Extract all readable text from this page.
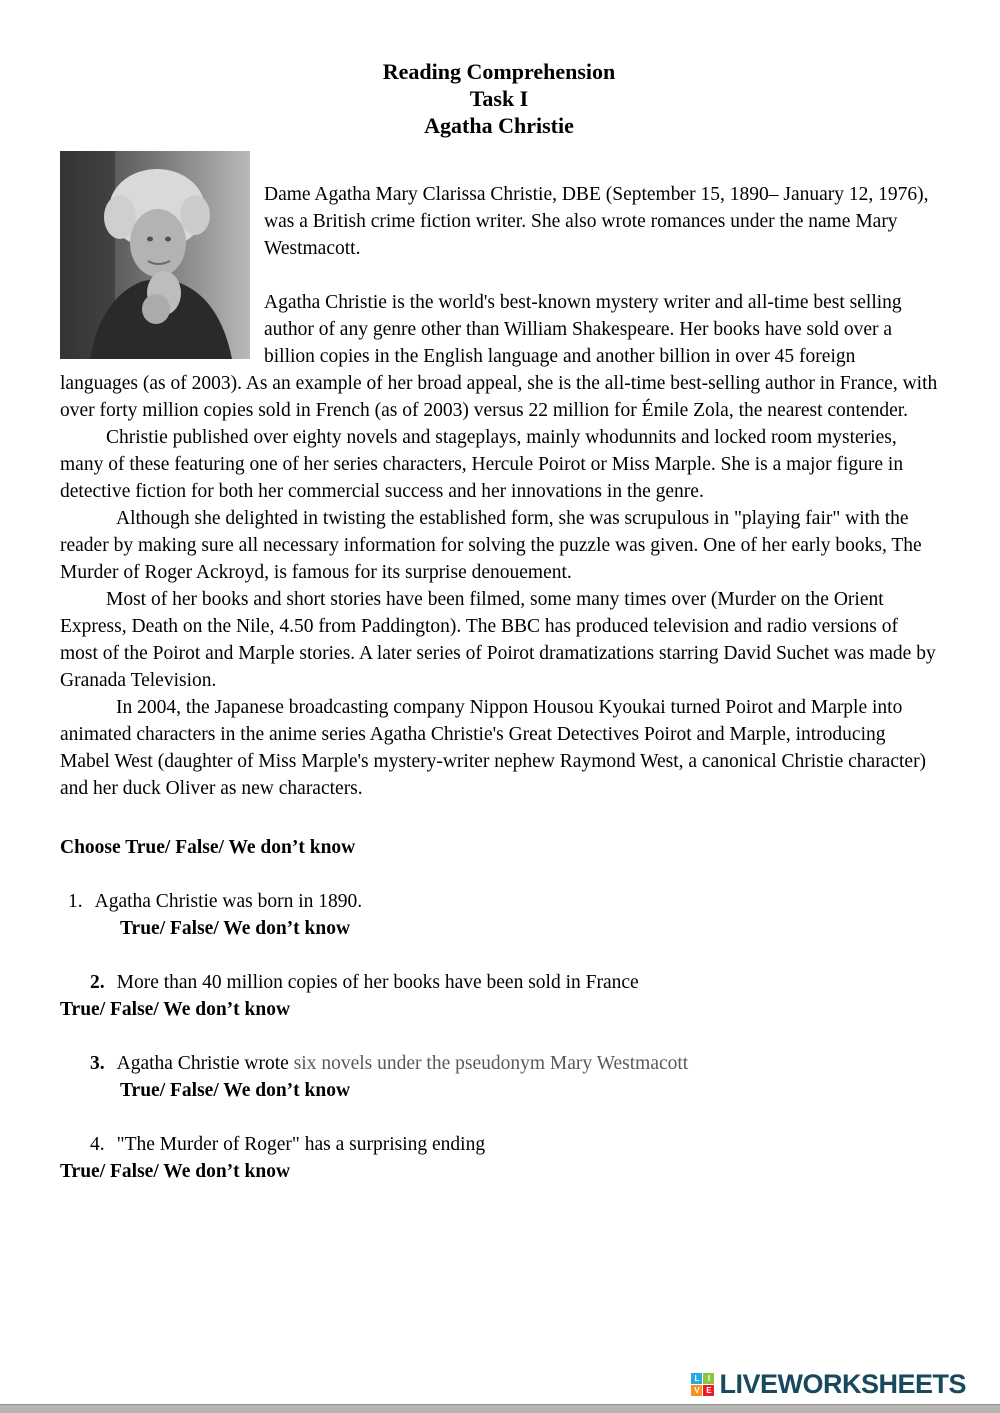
Reading Comprehension
Task I
Agatha Christie

Dame Agatha Mary Clarissa Christie, DBE (September 15, 1890– January 12, 1976), was a British crime fiction writer. She also wrote romances under the name Mary Westmacott.

Agatha Christie is the world's best-known mystery writer and all-time best selling author of any genre other than William Shakespeare. Her books have sold over a billion copies in the English language and another billion in over 45 foreign languages (as of 2003). As an example of her broad appeal, she is the all-time best-selling author in France, with over forty million copies sold in French (as of 2003) versus 22 million for Émile Zola, the nearest contender.

Christie published over eighty novels and stageplays, mainly whodunnits and locked room mysteries, many of these featuring one of her series characters, Hercule Poirot or Miss Marple. She is a major figure in detective fiction for both her commercial success and her innovations in the genre.

Although she delighted in twisting the established form, she was scrupulous in "playing fair" with the reader by making sure all necessary information for solving the puzzle was given. One of her early books, The Murder of Roger Ackroyd, is famous for its surprise denouement.

Most of her books and short stories have been filmed, some many times over (Murder on the Orient Express, Death on the Nile, 4.50 from Paddington). The BBC has produced television and radio versions of most of the Poirot and Marple stories. A later series of Poirot dramatizations starring David Suchet was made by Granada Television.

In 2004, the Japanese broadcasting company Nippon Housou Kyoukai turned Poirot and Marple into animated characters in the anime series Agatha Christie's Great Detectives Poirot and Marple, introducing Mabel West (daughter of Miss Marple's mystery-writer nephew Raymond West, a canonical Christie character) and her duck Oliver as new characters.

Choose True/ False/ We don’t know

1. Agatha Christie was born in 1890.

True/ False/ We don’t know

2. More than 40 million copies of her books have been sold in France

True/ False/ We don’t know

3. Agatha Christie wrote six novels under the pseudonym Mary Westmacott

True/ False/ We don’t know

4. "The Murder of Roger" has a surprising ending

True/ False/ We don’t know

L	I
V E LIVEWORKSHEETS
